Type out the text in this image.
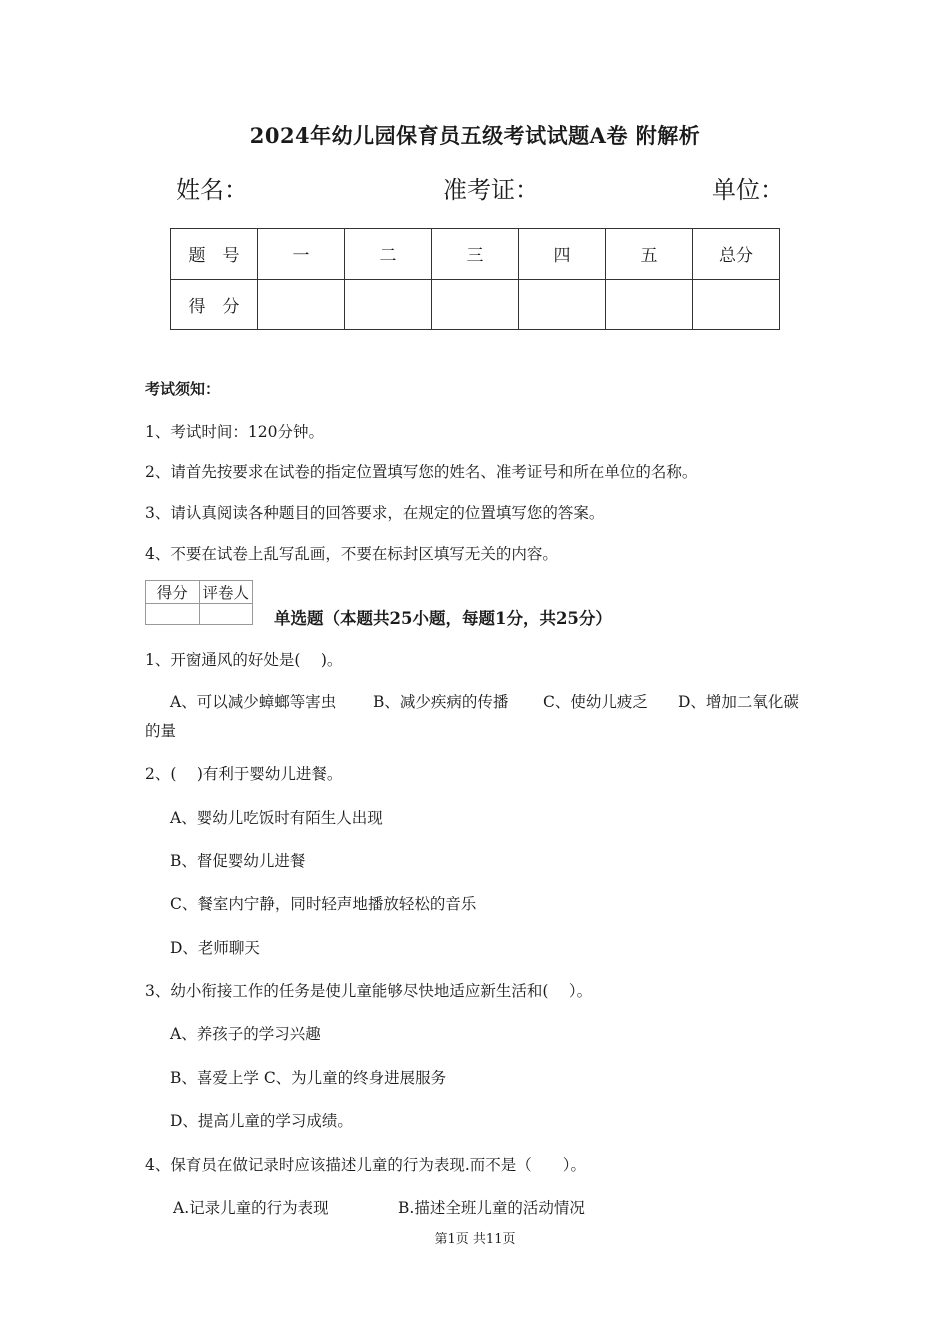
2024年幼儿园保育员五级考试试题A卷 附解析
姓名：	准考证：	单位：
题　号	一	二	三	四	五	总分
得　分						
考试须知：
1、考试时间：120分钟。
2、请首先按要求在试卷的指定位置填写您的姓名、准考证号和所在单位的名称。
3、请认真阅读各种题目的回答要求，在规定的位置填写您的答案。
4、不要在试卷上乱写乱画，不要在标封区填写无关的内容。
得分	评卷人

单选题（本题共25小题，每题1分，共25分）
1、开窗通风的好处是(　 )。
A、可以减少蟑螂等害虫 B、减少疾病的传播 C、使幼儿疲乏 D、增加二氧化碳
的量
2、(　 )有利于婴幼儿进餐。
A、婴幼儿吃饭时有陌生人出现
B、督促婴幼儿进餐
C、餐室内宁静，同时轻声地播放轻松的音乐
D、老师聊天
3、幼小衔接工作的任务是使儿童能够尽快地适应新生活和(　 ）。
A、养孩子的学习兴趣
B、喜爱上学 C、为儿童的终身进展服务
D、提高儿童的学习成绩。
4、保育员在做记录时应该描述儿童的行为表现.而不是（　　）。
A.记录儿童的行为表现	B.描述全班儿童的活动情况
第1页 共11页
